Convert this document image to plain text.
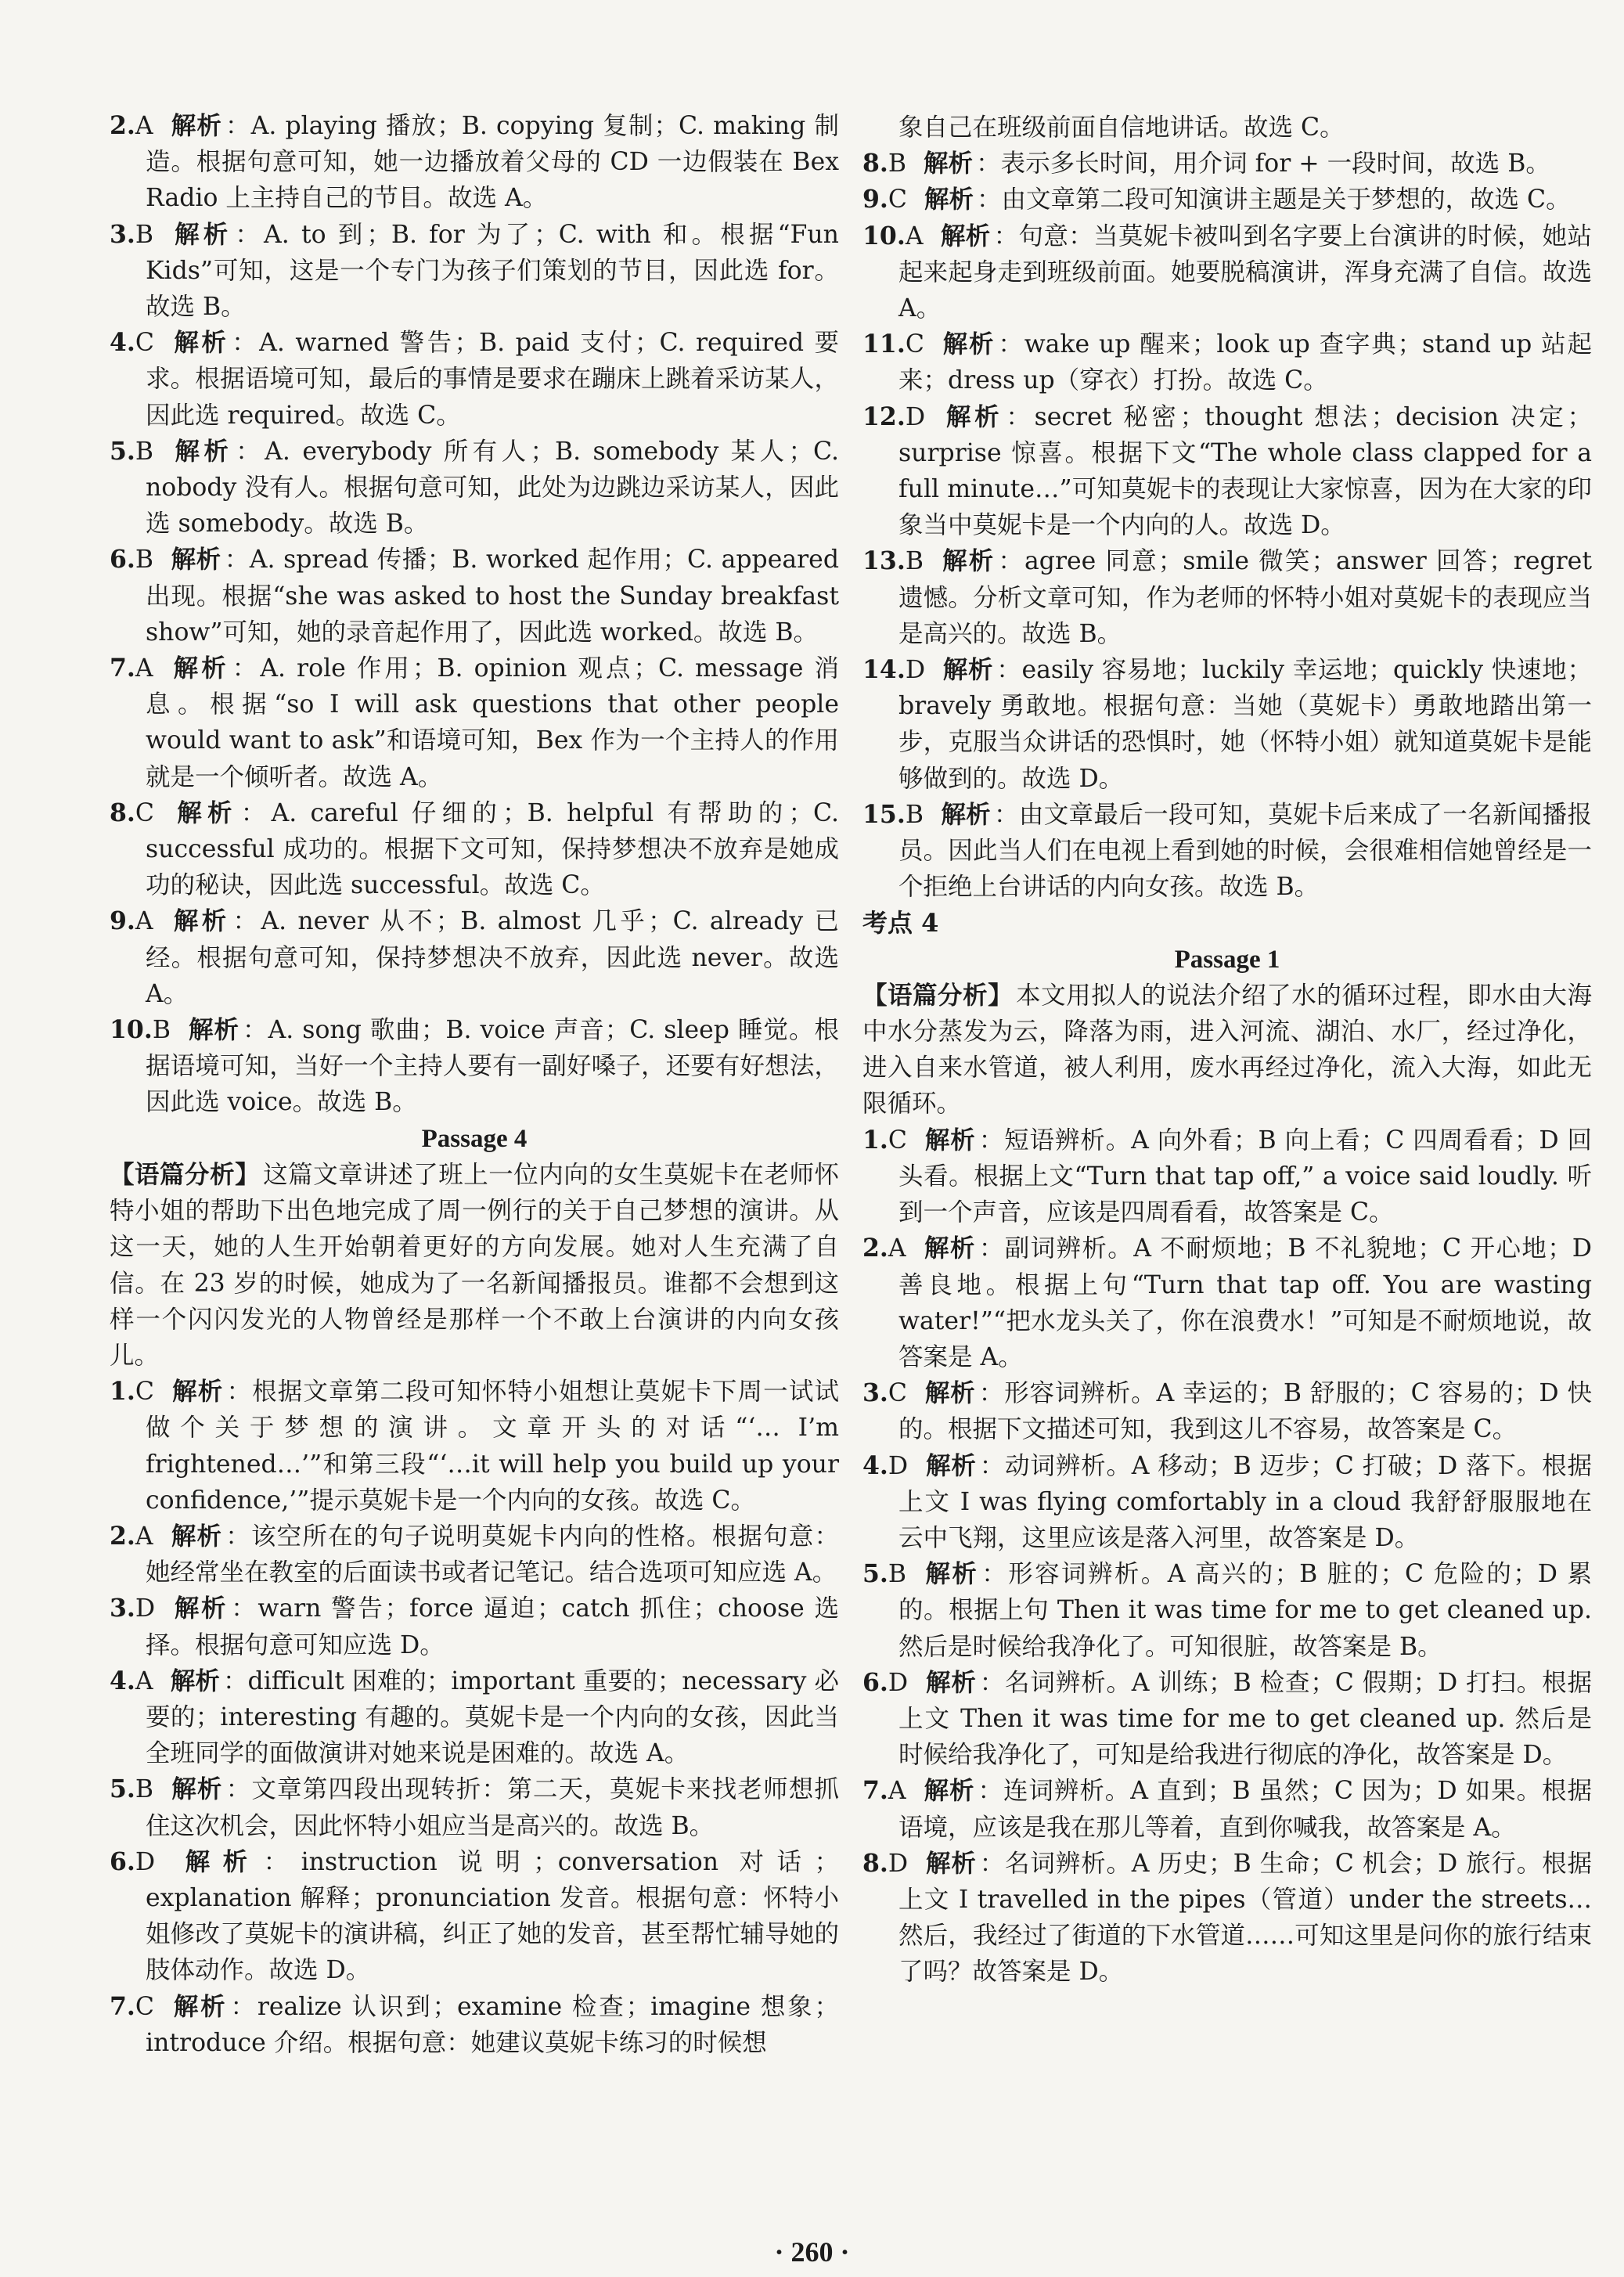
2.A 解析 ：A. playing 播放；B. copying 复制；C. making 制造。根据句意可知，她一边播放着父母的 CD 一边假装在 Bex Radio 上主持自己的节目。故选 A。
3.B 解析 ：A. to 到；B. for 为了；C. with 和。根据“Fun Kids”可知，这是一个专门为孩子们策划的节目，因此选 for。故选 B。
4.C 解析 ：A. warned 警告；B. paid 支付；C. required 要求。根据语境可知，最后的事情是要求在蹦床上跳着采访某人，因此选 required。故选 C。
5.B 解析 ：A. everybody 所有人；B. somebody 某人；C. nobody 没有人。根据句意可知，此处为边跳边采访某人，因此选 somebody。故选 B。
6.B 解析 ：A. spread 传播；B. worked 起作用；C. appeared 出现。根据“she was asked to host the Sunday breakfast show”可知，她的录音起作用了，因此选 worked。故选 B。
7.A 解析 ：A. role 作用；B. opinion 观点；C. message 消息。根据“so I will ask questions that other people would want to ask”和语境可知，Bex 作为一个主持人的作用就是一个倾听者。故选 A。
8.C 解析 ：A. careful 仔细的；B. helpful 有帮助的；C. successful 成功的。根据下文可知，保持梦想决不放弃是她成功的秘诀，因此选 successful。故选 C。
9.A 解析 ：A. never 从不；B. almost 几乎；C. already 已经。根据句意可知，保持梦想决不放弃，因此选 never。故选 A。
10.B 解析 ：A. song 歌曲；B. voice 声音；C. sleep 睡觉。根据语境可知，当好一个主持人要有一副好嗓子，还要有好想法，因此选 voice。故选 B。
Passage 4
【语篇分析】 这篇文章讲述了班上一位内向的女生莫妮卡在老师怀特小姐的帮助下出色地完成了周一例行的关于自己梦想的演讲。从这一天，她的人生开始朝着更好的方向发展。她对人生充满了自信。在 23 岁的时候，她成为了一名新闻播报员。谁都不会想到这样一个闪闪发光的人物曾经是那样一个不敢上台演讲的内向女孩儿。
1.C 解析 ：根据文章第二段可知怀特小姐想让莫妮卡下周一试试做个关于梦想的演讲。文章开头的对话“‘… I’m frightened…’”和第三段“‘…it will help you build up your confidence,’”提示莫妮卡是一个内向的女孩。故选 C。
2.A 解析 ：该空所在的句子说明莫妮卡内向的性格。根据句意：她经常坐在教室的后面读书或者记笔记。结合选项可知应选 A。
3.D 解析 ：warn 警告；force 逼迫；catch 抓住；choose 选择。根据句意可知应选 D。
4.A 解析 ：difficult 困难的；important 重要的；necessary 必要的；interesting 有趣的。莫妮卡是一个内向的女孩，因此当全班同学的面做演讲对她来说是困难的。故选 A。
5.B 解析 ：文章第四段出现转折：第二天，莫妮卡来找老师想抓住这次机会，因此怀特小姐应当是高兴的。故选 B。
6.D 解析 ：instruction 说明；conversation 对话；explanation 解释；pronunciation 发音。根据句意：怀特小姐修改了莫妮卡的演讲稿，纠正了她的发音，甚至帮忙辅导她的肢体动作。故选 D。
7.C 解析 ：realize 认识到；examine 检查；imagine 想象；introduce 介绍。根据句意：她建议莫妮卡练习的时候想
象自己在班级前面自信地讲话。故选 C。
8.B 解析 ：表示多长时间，用介词 for + 一段时间，故选 B。
9.C 解析 ：由文章第二段可知演讲主题是关于梦想的，故选 C。
10.A 解析 ：句意：当莫妮卡被叫到名字要上台演讲的时候，她站起来起身走到班级前面。她要脱稿演讲，浑身充满了自信。故选 A。
11.C 解析 ：wake up 醒来；look up 查字典；stand up 站起来；dress up（穿衣）打扮。故选 C。
12.D 解析 ：secret 秘密；thought 想法；decision 决定；surprise 惊喜。根据下文“The whole class clapped for a full minute…”可知莫妮卡的表现让大家惊喜，因为在大家的印象当中莫妮卡是一个内向的人。故选 D。
13.B 解析 ：agree 同意；smile 微笑；answer 回答；regret 遗憾。分析文章可知，作为老师的怀特小姐对莫妮卡的表现应当是高兴的。故选 B。
14.D 解析 ：easily 容易地；luckily 幸运地；quickly 快速地；bravely 勇敢地。根据句意：当她（莫妮卡）勇敢地踏出第一步，克服当众讲话的恐惧时，她（怀特小姐）就知道莫妮卡是能够做到的。故选 D。
15.B 解析 ：由文章最后一段可知，莫妮卡后来成了一名新闻播报员。因此当人们在电视上看到她的时候，会很难相信她曾经是一个拒绝上台讲话的内向女孩。故选 B。
考点 4
Passage 1
【语篇分析】 本文用拟人的说法介绍了水的循环过程，即水由大海中水分蒸发为云，降落为雨，进入河流、湖泊、水厂，经过净化，进入自来水管道，被人利用，废水再经过净化，流入大海，如此无限循环。
1.C 解析 ：短语辨析。A 向外看；B 向上看；C 四周看看；D 回头看。根据上文“Turn that tap off,” a voice said loudly. 听到一个声音，应该是四周看看，故答案是 C。
2.A 解析 ：副词辨析。A 不耐烦地；B 不礼貌地；C 开心地；D 善良地。根据上句“Turn that tap off. You are wasting water!”“把水龙头关了，你在浪费水！”可知是不耐烦地说，故答案是 A。
3.C 解析 ：形容词辨析。A 幸运的；B 舒服的；C 容易的；D 快的。根据下文描述可知，我到这儿不容易，故答案是 C。
4.D 解析 ：动词辨析。A 移动；B 迈步；C 打破；D 落下。根据上文 I was flying comfortably in a cloud 我舒舒服服地在云中飞翔，这里应该是落入河里，故答案是 D。
5.B 解析 ：形容词辨析。A 高兴的；B 脏的；C 危险的；D 累的。根据上句 Then it was time for me to get cleaned up. 然后是时候给我净化了。可知很脏，故答案是 B。
6.D 解析 ：名词辨析。A 训练；B 检查；C 假期；D 打扫。根据上文 Then it was time for me to get cleaned up. 然后是时候给我净化了，可知是给我进行彻底的净化，故答案是 D。
7.A 解析 ：连词辨析。A 直到；B 虽然；C 因为；D 如果。根据语境，应该是我在那儿等着，直到你喊我，故答案是 A。
8.D 解析 ：名词辨析。A 历史；B 生命；C 机会；D 旅行。根据上文 I travelled in the pipes（管道）under the streets… 然后，我经过了街道的下水管道……可知这里是问你的旅行结束了吗？故答案是 D。
· 260 ·
